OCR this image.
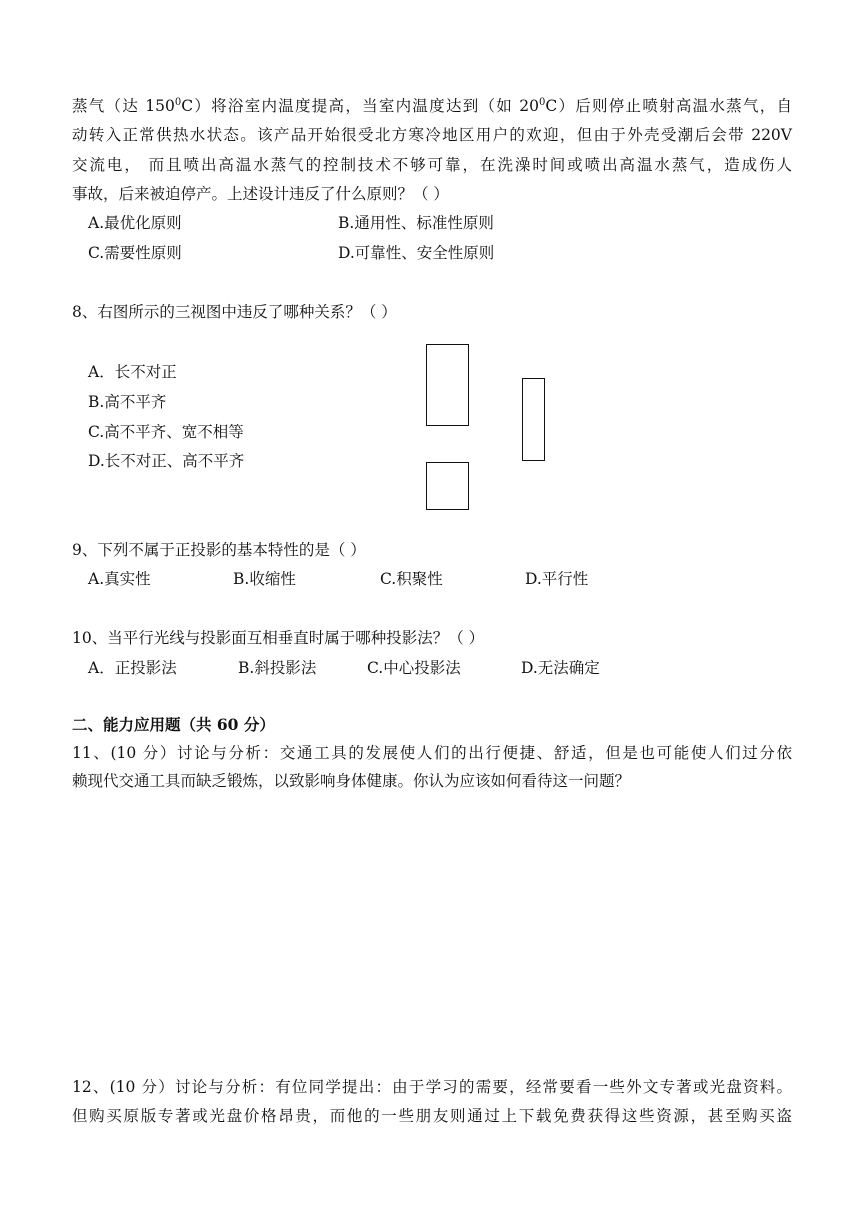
蒸气（达 $150^0C$）将浴室内温度提高，当室内温度达到（如 $20^0C$）后则停止喷射高温水蒸气，自
动转入正常供热水状态。该产品开始很受北方寒冷地区用户的欢迎，但由于外壳受潮后会带 220V
交流电， 而且喷出高温水蒸气的控制技术不够可靠，在洗澡时间或喷出高温水蒸气，造成伤人
事故，后来被迫停产。上述设计违反了什么原则？（ ）
A.最优化原则	B.通用性、标准性原则
C.需要性原则	D.可靠性、安全性原则
8、右图所示的三视图中违反了哪种关系？（ ）
A．长不对正
B.高不平齐
C.高不平齐、宽不相等
D.长不对正、高不平齐
9、下列不属于正投影的基本特性的是（ ）
A.真实性	B.收缩性	C.积聚性	D.平行性
10、当平行光线与投影面互相垂直时属于哪种投影法？（ ）
A．正投影法	B.斜投影法	C.中心投影法	D.无法确定
二、能力应用题（共 60 分）
11、(10 分）讨论与分析：交通工具的发展使人们的出行便捷、舒适，但是也可能使人们过分依
赖现代交通工具而缺乏锻炼，以致影响身体健康。你认为应该如何看待这一问题？
12、(10 分）讨论与分析：有位同学提出：由于学习的需要，经常要看一些外文专著或光盘资料。
但购买原版专著或光盘价格昂贵，而他的一些朋友则通过上下载免费获得这些资源，甚至购买盗
